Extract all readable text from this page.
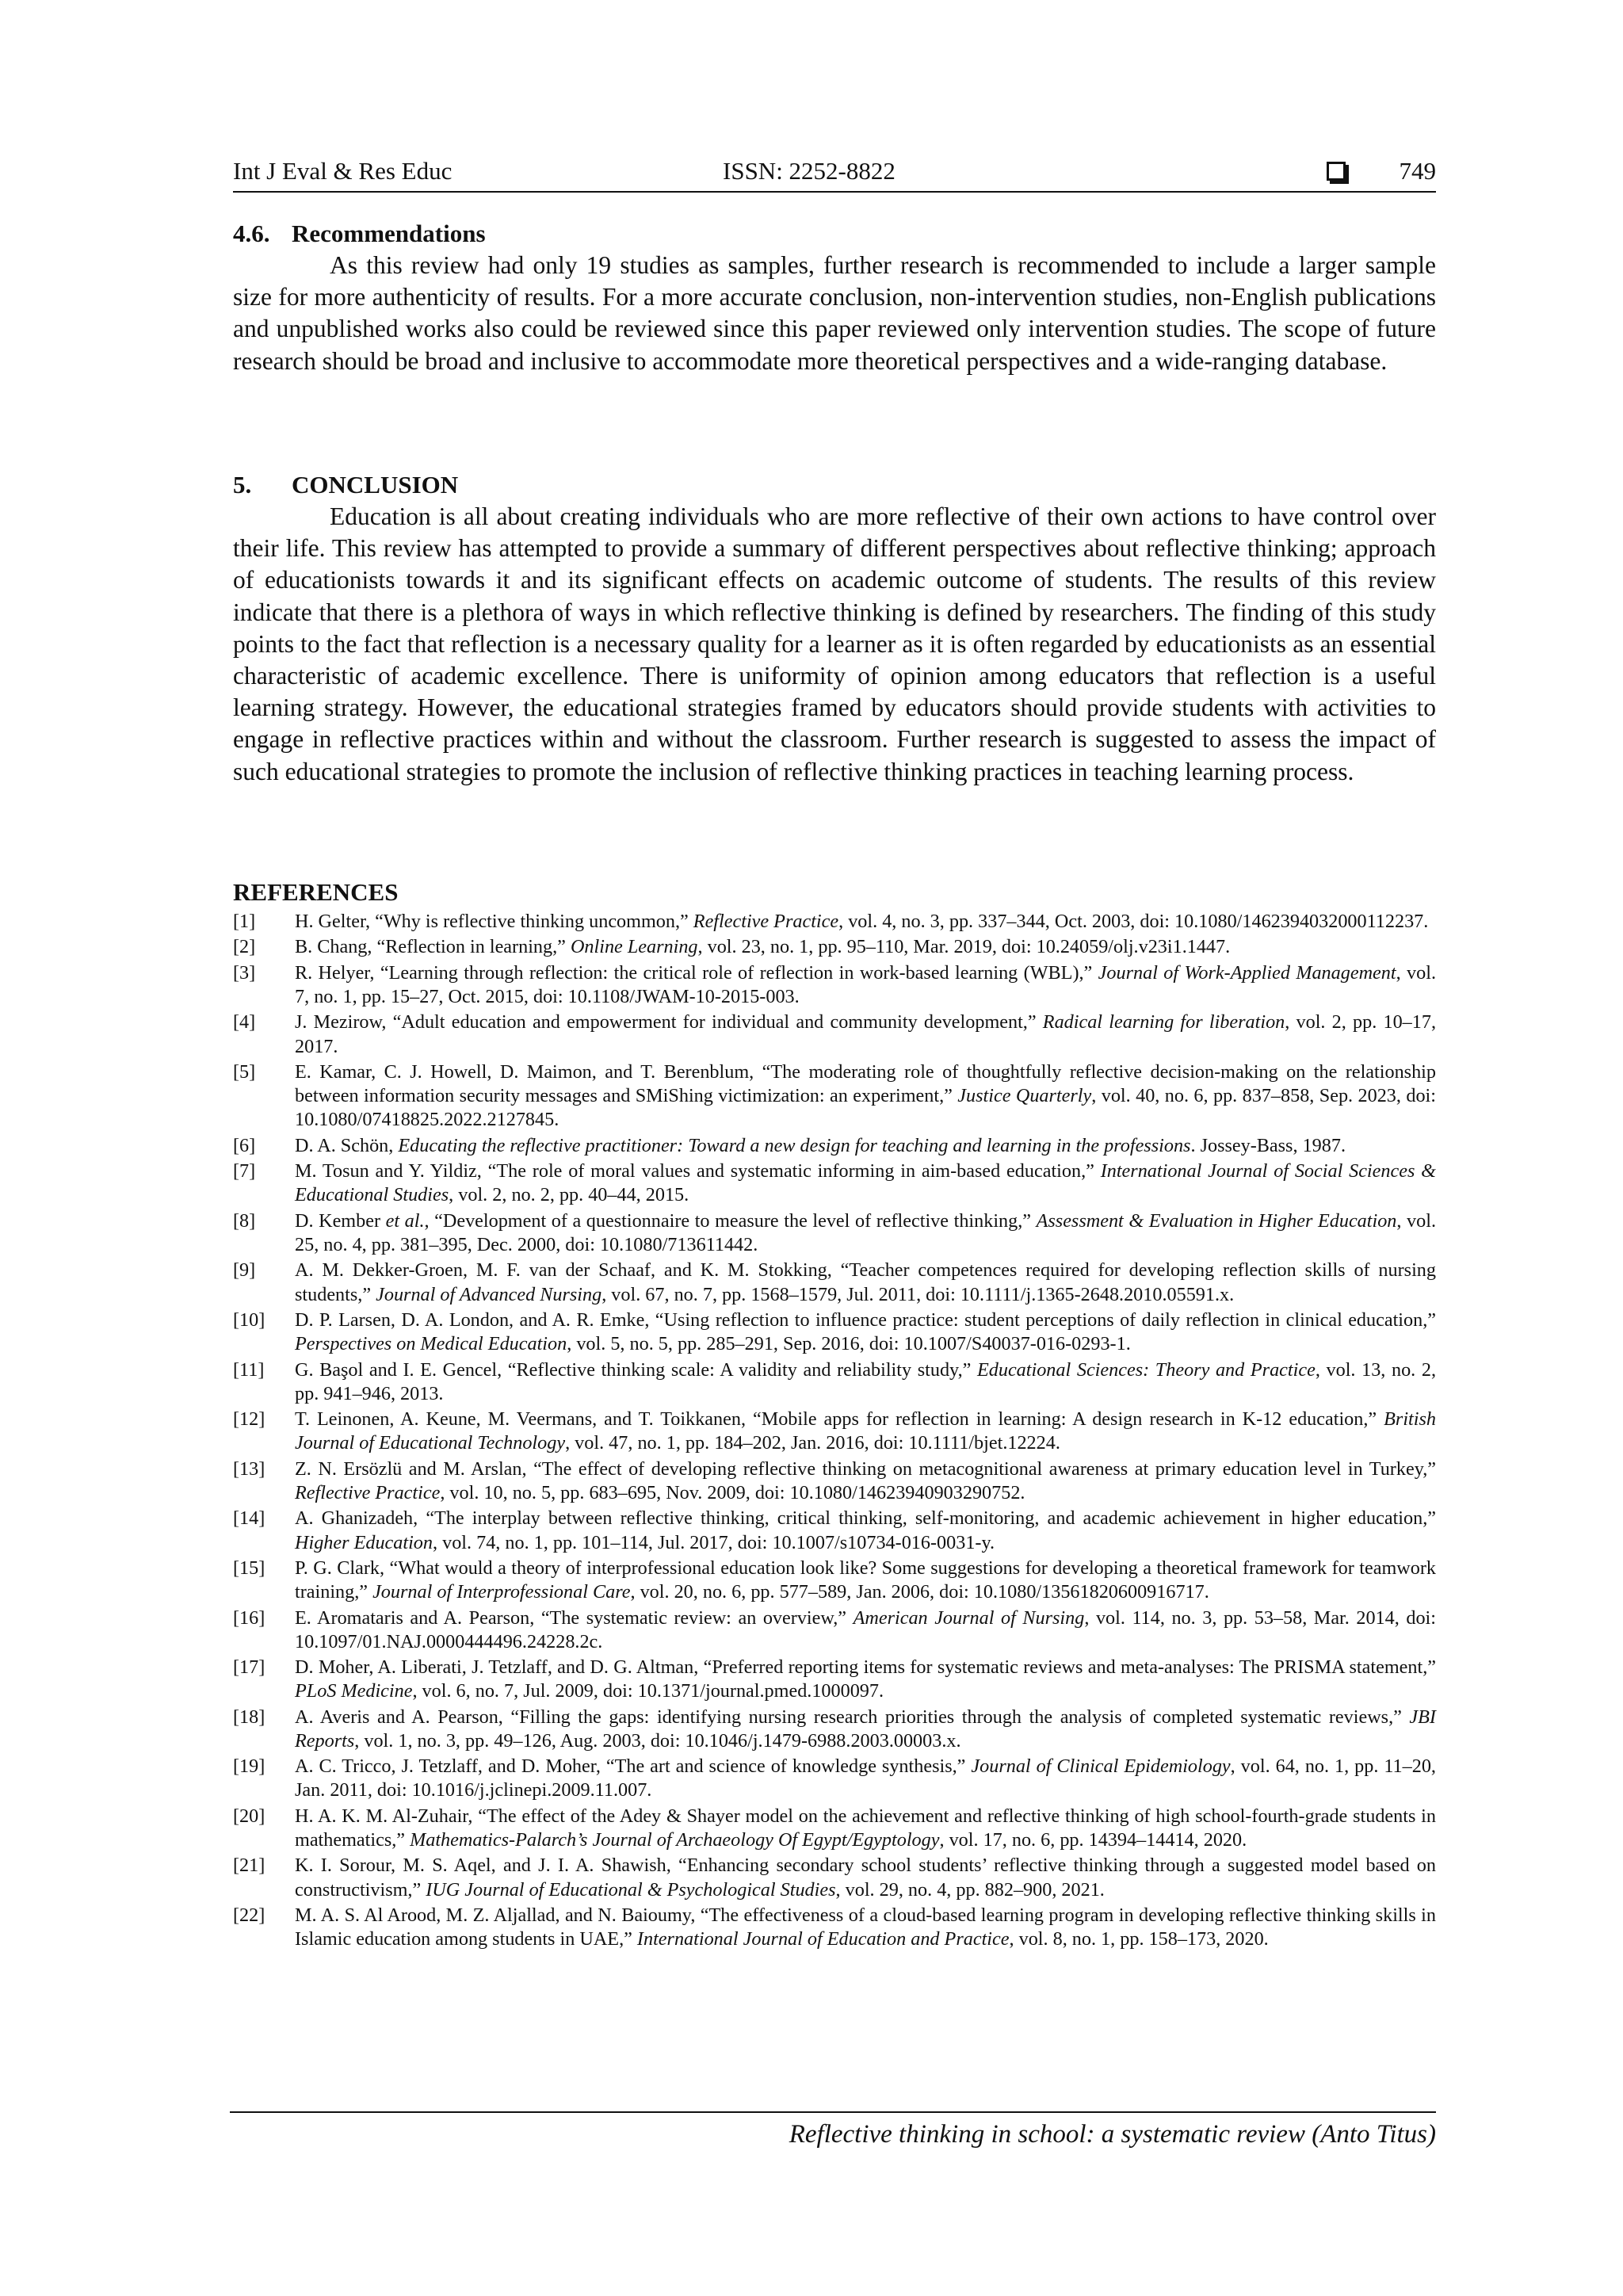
Int J Eval & Res Educ	ISSN: 2252-8822	749
4.6. Recommendations

As this review had only 19 studies as samples, further research is recommended to include a larger sample size for more authenticity of results. For a more accurate conclusion, non-intervention studies, non-English publications and unpublished works also could be reviewed since this paper reviewed only intervention studies. The scope of future research should be broad and inclusive to accommodate more theoretical perspectives and a wide-ranging database.

5. CONCLUSION

Education is all about creating individuals who are more reflective of their own actions to have control over their life. This review has attempted to provide a summary of different perspectives about reflective thinking; approach of educationists towards it and its significant effects on academic outcome of students. The results of this review indicate that there is a plethora of ways in which reflective thinking is defined by researchers. The finding of this study points to the fact that reflection is a necessary quality for a learner as it is often regarded by educationists as an essential characteristic of academic excellence. There is uniformity of opinion among educators that reflection is a useful learning strategy. However, the educational strategies framed by educators should provide students with activities to engage in reflective practices within and without the classroom. Further research is suggested to assess the impact of such educational strategies to promote the inclusion of reflective thinking practices in teaching learning process.

REFERENCES
[1] H. Gelter, “Why is reflective thinking uncommon,” Reflective Practice, vol. 4, no. 3, pp. 337–344, Oct. 2003, doi: 10.1080/1462394032000112237.
[2] B. Chang, “Reflection in learning,” Online Learning, vol. 23, no. 1, pp. 95–110, Mar. 2019, doi: 10.24059/olj.v23i1.1447.
[3] R. Helyer, “Learning through reflection: the critical role of reflection in work-based learning (WBL),” Journal of Work-Applied Management, vol. 7, no. 1, pp. 15–27, Oct. 2015, doi: 10.1108/JWAM-10-2015-003.
[4] J. Mezirow, “Adult education and empowerment for individual and community development,” Radical learning for liberation, vol. 2, pp. 10–17, 2017.
[5] E. Kamar, C. J. Howell, D. Maimon, and T. Berenblum, “The moderating role of thoughtfully reflective decision-making on the relationship between information security messages and SMiShing victimization: an experiment,” Justice Quarterly, vol. 40, no. 6, pp. 837–858, Sep. 2023, doi: 10.1080/07418825.2022.2127845.
[6] D. A. Schön, Educating the reflective practitioner: Toward a new design for teaching and learning in the professions. Jossey-Bass, 1987.
[7] M. Tosun and Y. Yildiz, “The role of moral values and systematic informing in aim-based education,” International Journal of Social Sciences & Educational Studies, vol. 2, no. 2, pp. 40–44, 2015.
[8] D. Kember et al., “Development of a questionnaire to measure the level of reflective thinking,” Assessment & Evaluation in Higher Education, vol. 25, no. 4, pp. 381–395, Dec. 2000, doi: 10.1080/713611442.
[9] A. M. Dekker-Groen, M. F. van der Schaaf, and K. M. Stokking, “Teacher competences required for developing reflection skills of nursing students,” Journal of Advanced Nursing, vol. 67, no. 7, pp. 1568–1579, Jul. 2011, doi: 10.1111/j.1365-2648.2010.05591.x.
[10] D. P. Larsen, D. A. London, and A. R. Emke, “Using reflection to influence practice: student perceptions of daily reflection in clinical education,” Perspectives on Medical Education, vol. 5, no. 5, pp. 285–291, Sep. 2016, doi: 10.1007/S40037-016-0293-1.
[11] G. Başol and I. E. Gencel, “Reflective thinking scale: A validity and reliability study,” Educational Sciences: Theory and Practice, vol. 13, no. 2, pp. 941–946, 2013.
[12] T. Leinonen, A. Keune, M. Veermans, and T. Toikkanen, “Mobile apps for reflection in learning: A design research in K-12 education,” British Journal of Educational Technology, vol. 47, no. 1, pp. 184–202, Jan. 2016, doi: 10.1111/bjet.12224.
[13] Z. N. Ersözlü and M. Arslan, “The effect of developing reflective thinking on metacognitional awareness at primary education level in Turkey,” Reflective Practice, vol. 10, no. 5, pp. 683–695, Nov. 2009, doi: 10.1080/14623940903290752.
[14] A. Ghanizadeh, “The interplay between reflective thinking, critical thinking, self-monitoring, and academic achievement in higher education,” Higher Education, vol. 74, no. 1, pp. 101–114, Jul. 2017, doi: 10.1007/s10734-016-0031-y.
[15] P. G. Clark, “What would a theory of interprofessional education look like? Some suggestions for developing a theoretical framework for teamwork training,” Journal of Interprofessional Care, vol. 20, no. 6, pp. 577–589, Jan. 2006, doi: 10.1080/13561820600916717.
[16] E. Aromataris and A. Pearson, “The systematic review: an overview,” American Journal of Nursing, vol. 114, no. 3, pp. 53–58, Mar. 2014, doi: 10.1097/01.NAJ.0000444496.24228.2c.
[17] D. Moher, A. Liberati, J. Tetzlaff, and D. G. Altman, “Preferred reporting items for systematic reviews and meta-analyses: The PRISMA statement,” PLoS Medicine, vol. 6, no. 7, Jul. 2009, doi: 10.1371/journal.pmed.1000097.
[18] A. Averis and A. Pearson, “Filling the gaps: identifying nursing research priorities through the analysis of completed systematic reviews,” JBI Reports, vol. 1, no. 3, pp. 49–126, Aug. 2003, doi: 10.1046/j.1479-6988.2003.00003.x.
[19] A. C. Tricco, J. Tetzlaff, and D. Moher, “The art and science of knowledge synthesis,” Journal of Clinical Epidemiology, vol. 64, no. 1, pp. 11–20, Jan. 2011, doi: 10.1016/j.jclinepi.2009.11.007.
[20] H. A. K. M. Al-Zuhair, “The effect of the Adey & Shayer model on the achievement and reflective thinking of high school-fourth-grade students in mathematics,” Mathematics-Palarch’s Journal of Archaeology Of Egypt/Egyptology, vol. 17, no. 6, pp. 14394–14414, 2020.
[21] K. I. Sorour, M. S. Aqel, and J. I. A. Shawish, “Enhancing secondary school students’ reflective thinking through a suggested model based on constructivism,” IUG Journal of Educational & Psychological Studies, vol. 29, no. 4, pp. 882–900, 2021.
[22] M. A. S. Al Arood, M. Z. Aljallad, and N. Baioumy, “The effectiveness of a cloud-based learning program in developing reflective thinking skills in Islamic education among students in UAE,” International Journal of Education and Practice, vol. 8, no. 1, pp. 158–173, 2020.
Reflective thinking in school: a systematic review (Anto Titus)
